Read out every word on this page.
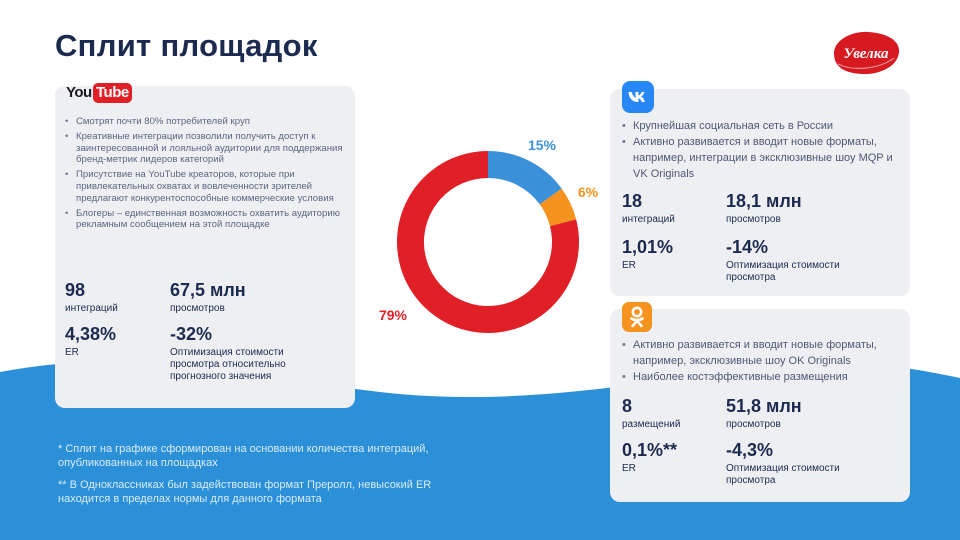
Сплит площадок	Увелка
You Tube
• Смотрят почти 80% потребителей круп
• Креативные интеграции позволили получить доступ к заинтересованной и лояльной аудитории для поддержания бренд-метрик лидеров категорий
• Присутствие на YouTube креаторов, которые при привлекательных охватах и вовлеченности зрителей предлагают конкурентоспособные коммерческие условия
• Блогеры – единственная возможность охватить аудиторию рекламным сообщением на этой площадке
98
интеграций
67,5 млн
просмотров
4,38%
ER
-32%
Оптимизация стоимости просмотра относительно прогнозного значения
15%
6%
79%
• Крупнейшая социальная сеть в России
• Активно развивается и вводит новые форматы, например, интеграции в эксклюзивные шоу MQP и VK Originals
18
интеграций
18,1 млн
просмотров
1,01%
ER
-14%
Оптимизация стоимости просмотра
• Активно развивается и вводит новые форматы, например, эксклюзивные шоу OK Originals
• Наиболее костэффективные размещения
8
размещений
51,8 млн
просмотров
0,1%**
ER
-4,3%
Оптимизация стоимости просмотра
* Сплит на графике сформирован на основании количества интеграций, опубликованных на площадках
** В Одноклассниках был задействован формат Преролл, невысокий ER находится в пределах нормы для данного формата
